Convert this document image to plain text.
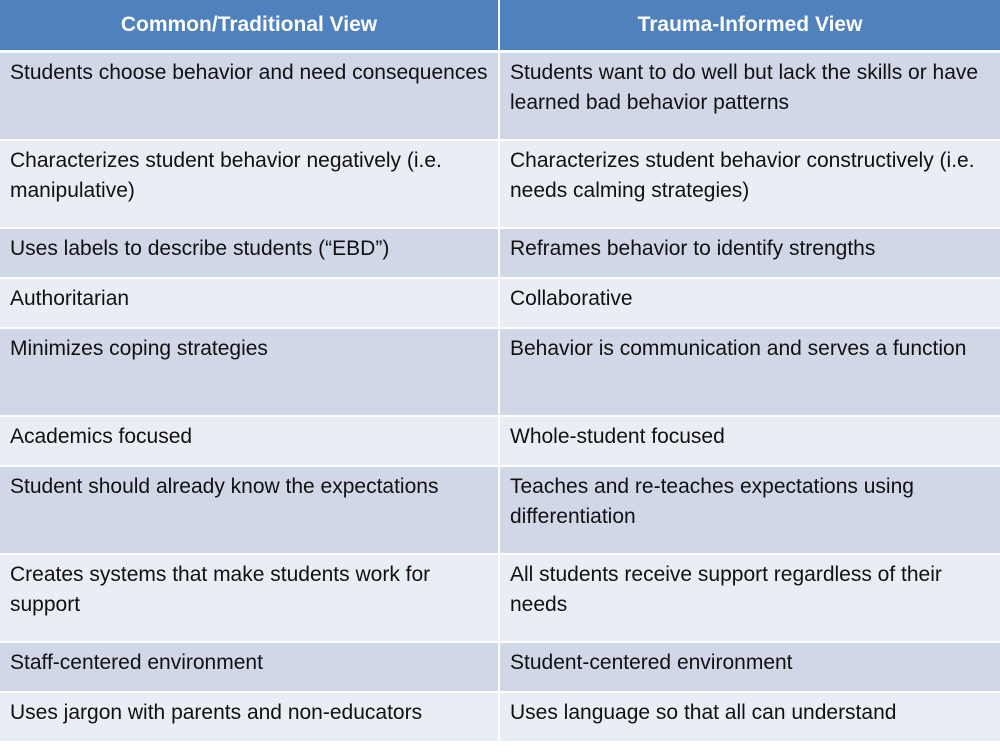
Common/Traditional View	Trauma-Informed View
Students choose behavior and need consequences	Students want to do well but lack the skills or have learned bad behavior patterns
Characterizes student behavior negatively (i.e. manipulative)	Characterizes student behavior constructively (i.e. needs calming strategies)
Uses labels to describe students (“EBD”)	Reframes behavior to identify strengths
Authoritarian	Collaborative
Minimizes coping strategies	Behavior is communication and serves a function
Academics focused	Whole-student focused
Student should already know the expectations	Teaches and re-teaches expectations using differentiation
Creates systems that make students work for support	All students receive support regardless of their needs
Staff-centered environment	Student-centered environment
Uses jargon with parents and non-educators	Uses language so that all can understand
